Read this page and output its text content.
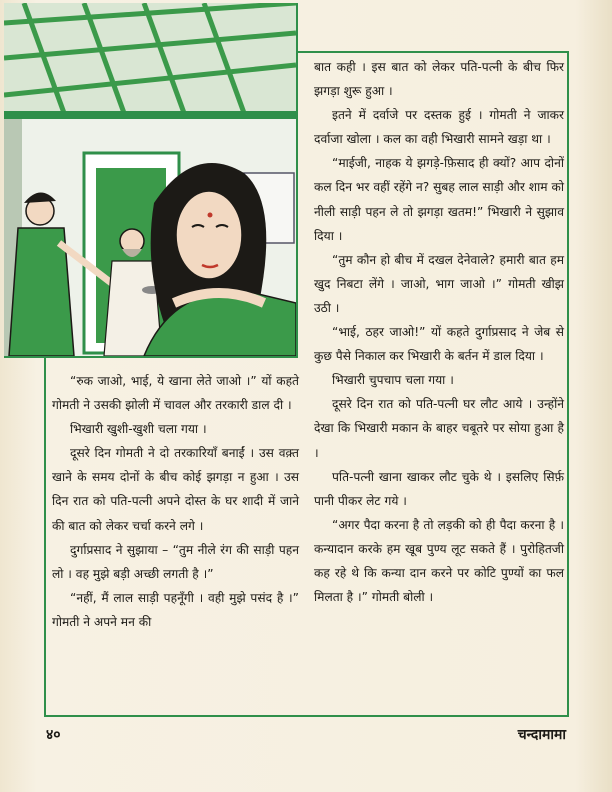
बात कही । इस बात को लेकर पति-पत्नी के बीच फिर झगड़ा शुरू हुआ ।

इतने में दर्वाजे पर दस्तक हुई । गोमती ने जाकर दर्वाजा खोला । कल का वही भिखारी सामने खड़ा था ।

“माईजी, नाहक ये झगड़े-फ़िसाद ही क्यों? आप दोनों कल दिन भर वहीं रहेंगे न? सुबह लाल साड़ी और शाम को नीली साड़ी पहन ले तो झगड़ा खतम!” भिखारी ने सुझाव दिया ।

“तुम कौन हो बीच में दखल देनेवाले? हमारी बात हम खुद निबटा लेंगे । जाओ, भाग जाओ ।” गोमती खीझ उठी ।

“भाई, ठहर जाओ!” यों कहते दुर्गाप्रसाद ने जेब से कुछ पैसे निकाल कर भिखारी के बर्तन में डाल दिया ।

भिखारी चुपचाप चला गया ।

दूसरे दिन रात को पति-पत्नी घर लौट आये । उन्होंने देखा कि भिखारी मकान के बाहर चबूतरे पर सोया हुआ है ।

पति-पत्नी खाना खाकर लौट चुके थे । इसलिए सिर्फ़ पानी पीकर लेट गये ।

“अगर पैदा करना है तो लड़की को ही पैदा करना है । कन्यादान करके हम खूब पुण्य लूट सकते हैं । पुरोहितजी कह रहे थे कि कन्या दान करने पर कोटि पुण्यों का फल मिलता है ।” गोमती बोली ।

“रुक जाओ, भाई, ये खाना लेते जाओ ।” यों कहते गोमती ने उसकी झोली में चावल और तरकारी डाल दी ।

भिखारी खुशी-खुशी चला गया ।

दूसरे दिन गोमती ने दो तरकारियाँ बनाईं । उस वक़्त खाने के समय दोनों के बीच कोई झगड़ा न हुआ । उस दिन रात को पति-पत्नी अपने दोस्त के घर शादी में जाने की बात को लेकर चर्चा करने लगे ।

दुर्गाप्रसाद ने सुझाया – “तुम नीले रंग की साड़ी पहन लो । वह मुझे बड़ी अच्छी लगती है ।”

“नहीं, मैं लाल साड़ी पहनूँगी । वही मुझे पसंद है ।” गोमती ने अपने मन की

४०	चन्दामामा
